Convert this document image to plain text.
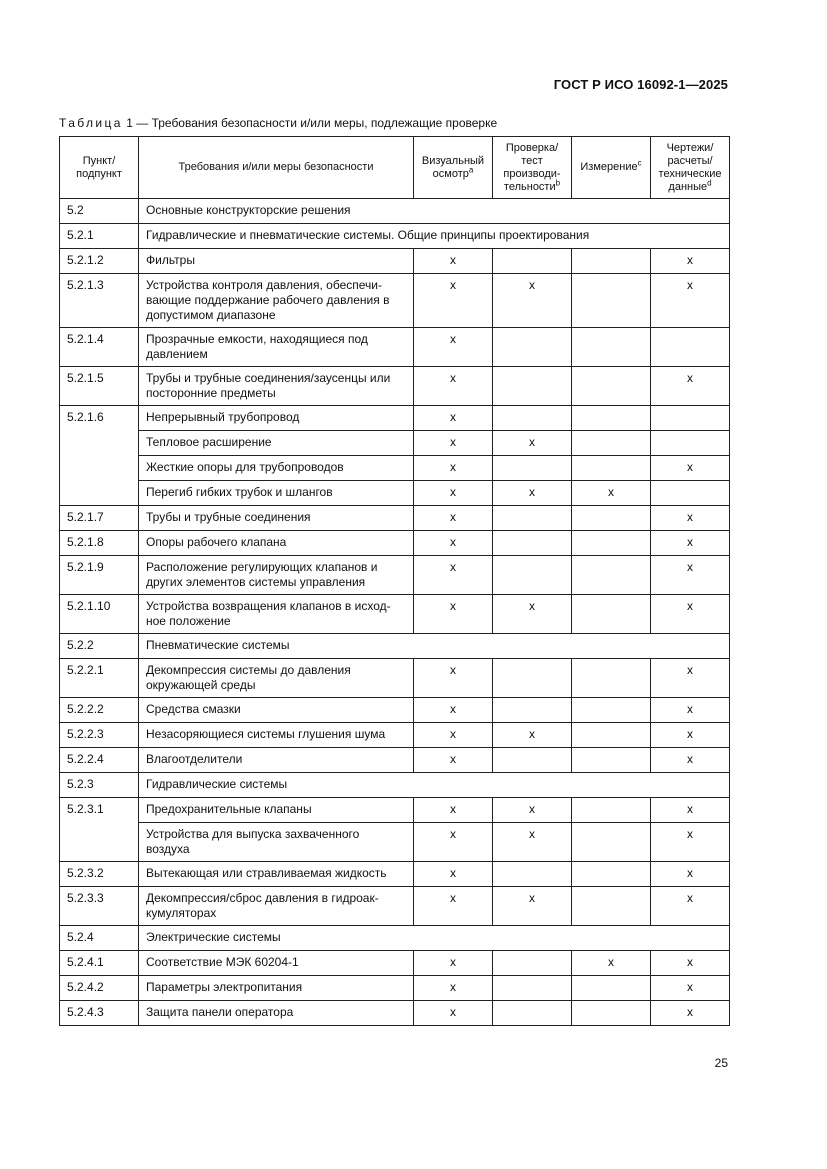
ГОСТ Р ИСО 16092-1—2025
Таблица 1 — Требования безопасности и/или меры, подлежащие проверке
Пункт/ подпункт	Требования и/или меры безопасности	Визуальный осмотр$^a$	Проверка/ тест производи-тельности$^b$	Измерение$^c$	Чертежи/ расчеты/ технические данные$^d$
5.2	Основные конструкторские решения				
5.2.1	Гидравлические и пневматические системы. Общие принципы проектирования				
5.2.1.2	Фильтры	x			x
5.2.1.3	Устройства контроля давления, обеспечи-вающие поддержание рабочего давления в допустимом диапазоне	x	x		x
5.2.1.4	Прозрачные емкости, находящиеся под давлением	x			
5.2.1.5	Трубы и трубные соединения/заусенцы или посторонние предметы	x			x
5.2.1.6	Непрерывный трубопровод	x			
	Тепловое расширение	x	x		
	Жесткие опоры для трубопроводов	x			x
	Перегиб гибких трубок и шлангов	x	x	x	
5.2.1.7	Трубы и трубные соединения	x			x
5.2.1.8	Опоры рабочего клапана	x			x
5.2.1.9	Расположение регулирующих клапанов и других элементов системы управления	x			x
5.2.1.10	Устройства возвращения клапанов в исход-ное положение	x	x		x
5.2.2	Пневматические системы				
5.2.2.1	Декомпрессия системы до давления окружающей среды	x			x
5.2.2.2	Средства смазки	x			x
5.2.2.3	Незасоряющиеся системы глушения шума	x	x		x
5.2.2.4	Влагоотделители	x			x
5.2.3	Гидравлические системы				
5.2.3.1	Предохранительные клапаны	x	x		x
	Устройства для выпуска захваченного воздуха	x	x		x
5.2.3.2	Вытекающая или стравливаемая жидкость	x			x
5.2.3.3	Декомпрессия/сброс давления в гидроак-кумуляторах	x	x		x
5.2.4	Электрические системы				
5.2.4.1	Соответствие МЭК 60204-1	x		x	x
5.2.4.2	Параметры электропитания	x			x
5.2.4.3	Защита панели оператора	x			x
25
